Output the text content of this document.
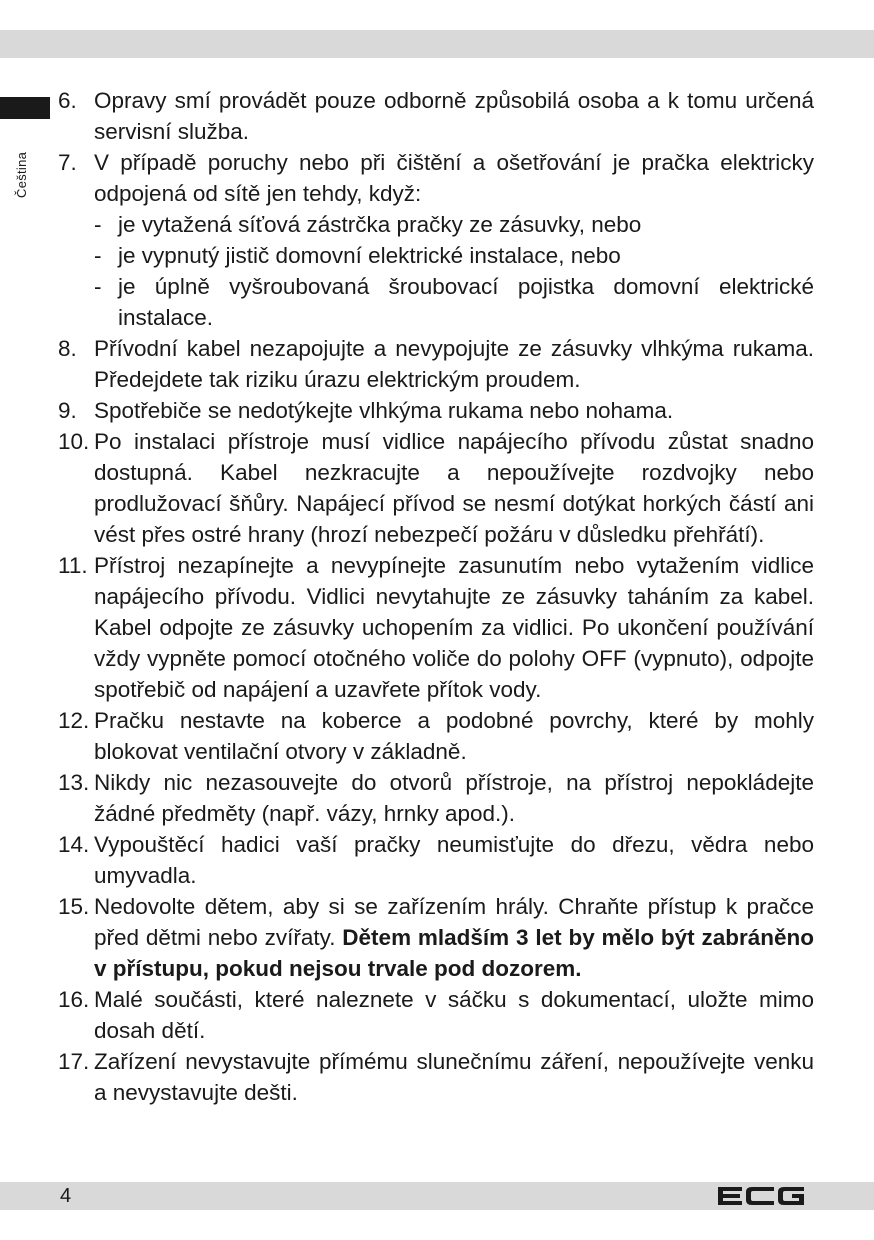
Čeština
6. Opravy smí provádět pouze odborně způsobilá osoba a k tomu určená servisní služba.
7. V případě poruchy nebo při čištění a ošetřování je pračka elektricky odpojená od sítě jen tehdy, když:
- je vytažená síťová zástrčka pračky ze zásuvky, nebo
- je vypnutý jistič domovní elektrické instalace, nebo
- je úplně vyšroubovaná šroubovací pojistka domovní elektrické instalace.
8. Přívodní kabel nezapojujte a nevypojujte ze zásuvky vlhkýma rukama. Předejdete tak riziku úrazu elektrickým proudem.
9. Spotřebiče se nedotýkejte vlhkýma rukama nebo nohama.
10. Po instalaci přístroje musí vidlice napájecího přívodu zůstat snadno dostupná. Kabel nezkracujte a nepoužívejte rozdvojky nebo prodlužovací šňůry. Napájecí přívod se nesmí dotýkat horkých částí ani vést přes ostré hrany (hrozí nebezpečí požáru v důsledku přehřátí).
11. Přístroj nezapínejte a nevypínejte zasunutím nebo vytažením vidlice napájecího přívodu. Vidlici nevytahujte ze zásuvky taháním za kabel. Kabel odpojte ze zásuvky uchopením za vidlici. Po ukončení používání vždy vypněte pomocí otočného voliče do polohy OFF (vypnuto), odpojte spotřebič od napájení a uzavřete přítok vody.
12. Pračku nestavte na koberce a podobné povrchy, které by mohly blokovat ventilační otvory v základně.
13. Nikdy nic nezasouvejte do otvorů přístroje, na přístroj nepokládejte žádné předměty (např. vázy, hrnky apod.).
14. Vypouštěcí hadici vaší pračky neumisťujte do dřezu, vědra nebo umyvadla.
15. Nedovolte dětem, aby si se zařízením hrály. Chraňte přístup k pračce před dětmi nebo zvířaty. Dětem mladším 3 let by mělo být zabráněno v přístupu, pokud nejsou trvale pod dozorem.
16. Malé součásti, které naleznete v sáčku s dokumentací, uložte mimo dosah dětí.
17. Zařízení nevystavujte přímému slunečnímu záření, nepoužívejte venku a nevystavujte dešti.
4
